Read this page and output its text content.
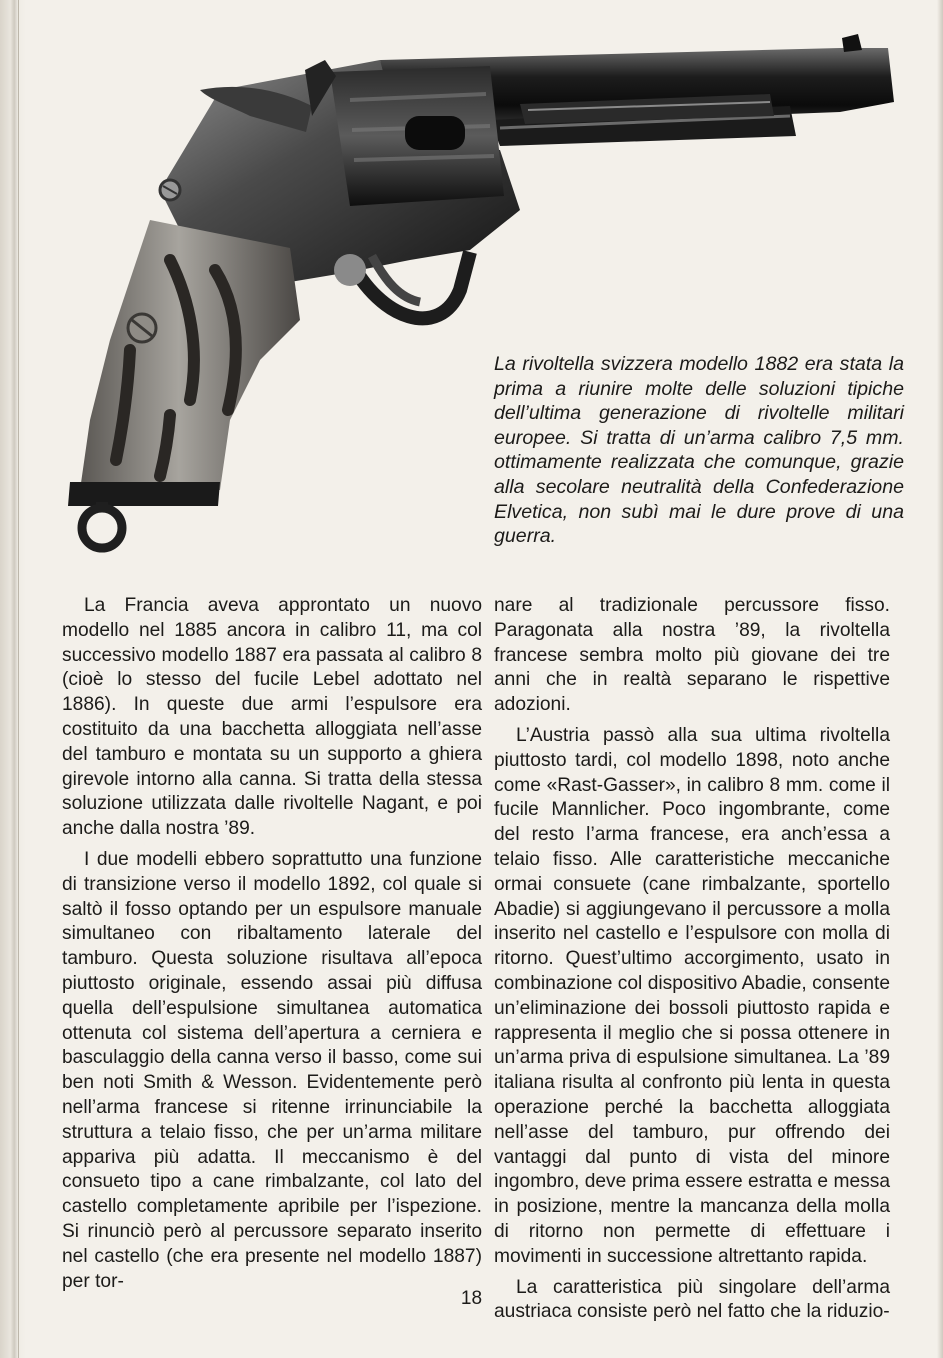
La rivoltella svizzera modello 1882 era stata la prima a riunire molte delle soluzioni tipiche dell’ultima generazione di rivoltelle militari europee. Si tratta di un’arma calibro 7,5 mm. ottimamente realizzata che comunque, grazie alla secolare neutralità della Confederazione Elvetica, non subì mai le dure prove di una guerra.

La Francia aveva approntato un nuovo modello nel 1885 ancora in calibro 11, ma col successivo modello 1887 era passata al calibro 8 (cioè lo stesso del fucile Lebel adottato nel 1886). In queste due armi l’espulsore era costituito da una bacchetta alloggiata nell’asse del tamburo e montata su un supporto a ghiera girevole intorno alla canna. Si tratta della stessa soluzione utilizzata dalle rivoltelle Nagant, e poi anche dalla nostra ’89.

I due modelli ebbero soprattutto una funzione di transizione verso il modello 1892, col quale si saltò il fosso optando per un espulsore manuale simultaneo con ribaltamento laterale del tamburo. Questa soluzione risultava all’epoca piuttosto originale, essendo assai più diffusa quella dell’espulsione simultanea automatica ottenuta col sistema dell’apertura a cerniera e basculaggio della canna verso il basso, come sui ben noti Smith & Wesson. Evidentemente però nell’arma francese si ritenne irrinunciabile la struttura a telaio fisso, che per un’arma militare appariva più adatta. Il meccanismo è del consueto tipo a cane rimbalzante, col lato del castello completamente apribile per l’ispezione. Si rinunciò però al percussore separato inserito nel castello (che era presente nel modello 1887) per tor-

nare al tradizionale percussore fisso. Paragonata alla nostra ’89, la rivoltella francese sembra molto più giovane dei tre anni che in realtà separano le rispettive adozioni.

L’Austria passò alla sua ultima rivoltella piuttosto tardi, col modello 1898, noto anche come «Rast-Gasser», in calibro 8 mm. come il fucile Mannlicher. Poco ingombrante, come del resto l’arma francese, era anch’essa a telaio fisso. Alle caratteristiche meccaniche ormai consuete (cane rimbalzante, sportello Abadie) si aggiungevano il percussore a molla inserito nel castello e l’espulsore con molla di ritorno. Quest’ultimo accorgimento, usato in combinazione col dispositivo Abadie, consente un’eliminazione dei bossoli piuttosto rapida e rappresenta il meglio che si possa ottenere in un’arma priva di espulsione simultanea. La ’89 italiana risulta al confronto più lenta in questa operazione perché la bacchetta alloggiata nell’asse del tamburo, pur offrendo dei vantaggi dal punto di vista del minore ingombro, deve prima essere estratta e messa in posizione, mentre la mancanza della molla di ritorno non permette di effettuare i movimenti in successione altrettanto rapida.

La caratteristica più singolare dell’arma austriaca consiste però nel fatto che la riduzio-

18
